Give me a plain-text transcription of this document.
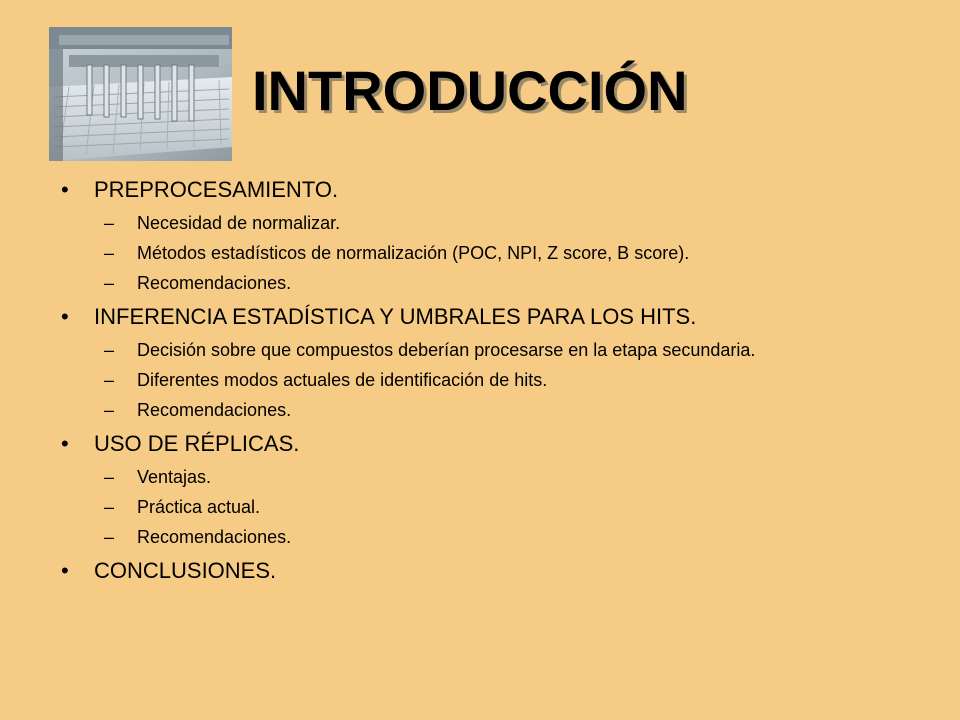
INTRODUCCIÓN
• PREPROCESAMIENTO.
– Necesidad de normalizar.
– Métodos estadísticos de normalización (POC, NPI, Z score, B score).
– Recomendaciones.
• INFERENCIA ESTADÍSTICA Y UMBRALES PARA LOS HITS.
– Decisión sobre que compuestos deberían procesarse en la etapa secundaria.
– Diferentes modos actuales de identificación de hits.
– Recomendaciones.
• USO DE RÉPLICAS.
– Ventajas.
– Práctica actual.
– Recomendaciones.
• CONCLUSIONES.
